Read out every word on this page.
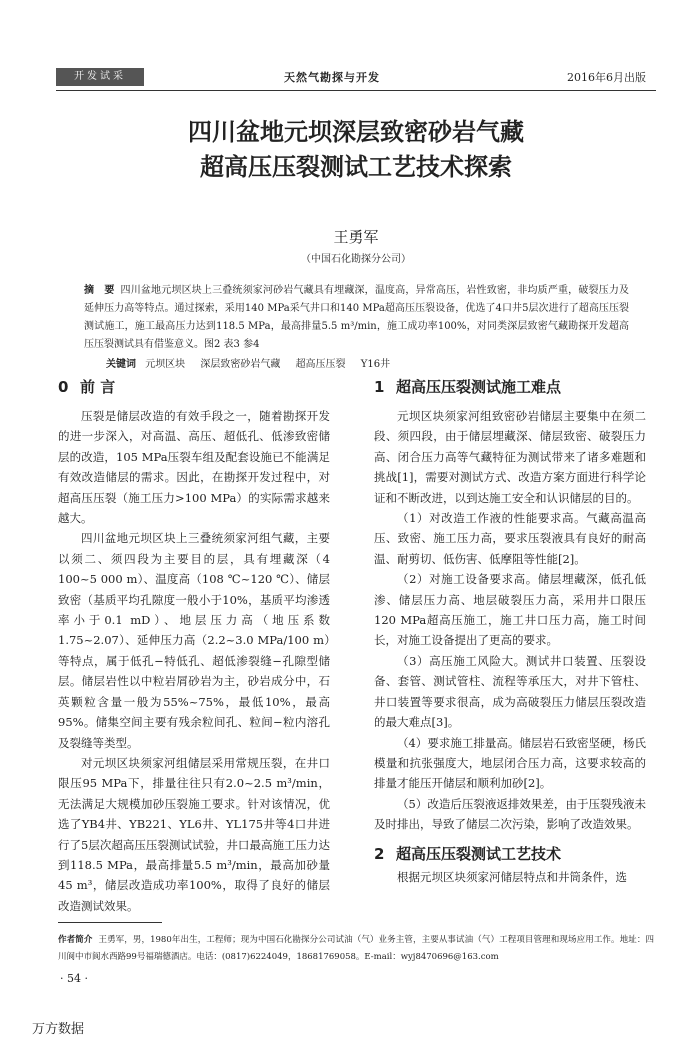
开发试采	天然气勘探与开发	2016年6月出版
四川盆地元坝深层致密砂岩气藏
超高压压裂测试工艺技术探索
王勇军
（中国石化勘探分公司）
摘　要 四川盆地元坝区块上三叠统须家河砂岩气藏具有埋藏深，温度高，异常高压，岩性致密，非均质严重，破裂压力及延伸压力高等特点。通过探索，采用140 MPa采气井口和140 MPa超高压压裂设备，优选了4口井5层次进行了超高压压裂测试施工，施工最高压力达到118.5 MPa，最高排量5.5 m³/min，施工成功率100%，对同类深层致密气藏勘探开发超高压压裂测试具有借鉴意义。图2 表3 参4
关键词 元坝区块 深层致密砂岩气藏 超高压压裂 Y16井
0 前 言

压裂是储层改造的有效手段之一，随着勘探开发的进一步深入，对高温、高压、超低孔、低渗致密储层的改造，105 MPa压裂车组及配套设施已不能满足有效改造储层的需求。因此，在勘探开发过程中，对超高压压裂（施工压力>100 MPa）的实际需求越来越大。

四川盆地元坝区块上三叠统须家河组气藏，主要以须二、须四段为主要目的层，具有埋藏深（4 100~5 000 m）、温度高（108 ℃~120 ℃）、储层致密（基质平均孔隙度一般小于10%，基质平均渗透率小于0.1 mD）、地层压力高（地压系数1.75~2.07）、延伸压力高（2.2~3.0 MPa/100 m）等特点，属于低孔−特低孔、超低渗裂缝−孔隙型储层。储层岩性以中粒岩屑砂岩为主，砂岩成分中，石英颗粒含量一般为55%~75%，最低10%，最高95%。储集空间主要有残余粒间孔、粒间−粒内溶孔及裂缝等类型。

对元坝区块须家河组储层采用常规压裂，在井口限压95 MPa下，排量往往只有2.0~2.5 m³/min，无法满足大规模加砂压裂施工要求。针对该情况，优选了YB4井、YB221、YL6井、YL175井等4口井进行了5层次超高压压裂测试试验，井口最高施工压力达到118.5 MPa，最高排量5.5 m³/min，最高加砂量45 m³，储层改造成功率100%，取得了良好的储层改造测试效果。

1 超高压压裂测试施工难点

元坝区块须家河组致密砂岩储层主要集中在须二段、须四段，由于储层埋藏深、储层致密、破裂压力高、闭合压力高等气藏特征为测试带来了诸多难题和挑战[1]，需要对测试方式、改造方案方面进行科学论证和不断改进，以到达施工安全和认识储层的目的。

（1）对改造工作液的性能要求高。气藏高温高压、致密、施工压力高，要求压裂液具有良好的耐高温、耐剪切、低伤害、低摩阻等性能[2]。

（2）对施工设备要求高。储层埋藏深，低孔低渗、储层压力高、地层破裂压力高，采用井口限压120 MPa超高压施工，施工井口压力高，施工时间长，对施工设备提出了更高的要求。

（3）高压施工风险大。测试井口装置、压裂设备、套管、测试管柱、流程等承压大，对井下管柱、井口装置等要求很高，成为高破裂压力储层压裂改造的最大难点[3]。

（4）要求施工排量高。储层岩石致密坚硬，杨氏模量和抗张强度大，地层闭合压力高，这要求较高的排量才能压开储层和顺利加砂[2]。

（5）改造后压裂液返排效果差，由于压裂残液未及时排出，导致了储层二次污染，影响了改造效果。

2 超高压压裂测试工艺技术

根据元坝区块须家河储层特点和井筒条件，选

作者简介 王勇军，男，1980年出生，工程师；现为中国石化勘探分公司试油（气）业务主管，主要从事试油（气）工程项目管理和现场应用工作。地址：四川阆中市阆水西路99号福瑞德酒店。电话：(0817)6224049，18681769058。E-mail：wyj8470696@163.com
· 54 ·
万方数据
